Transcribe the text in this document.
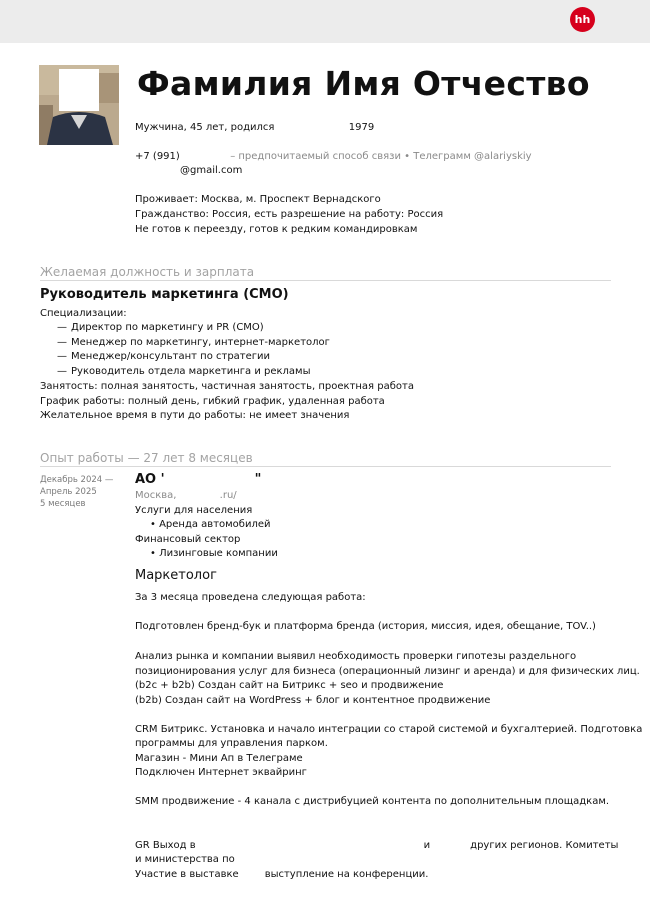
hh
Фамилия Имя Отчество
Мужчина, 45 лет, родился	1979
+7 (991)	– предпочитаемый способ связи • Телеграмм @alariyskiy
@gmail.com
Проживает: Москва, м. Проспект Вернадского
Гражданство: Россия, есть разрешение на работу: Россия
Не готов к переезду, готов к редким командировкам
Желаемая должность и зарплата
Руководитель маркетинга (CMO)
Специализации:
— Директор по маркетингу и PR (CMO)
— Менеджер по маркетингу, интернет-маркетолог
— Менеджер/консультант по стратегии
— Руководитель отдела маркетинга и рекламы
Занятость: полная занятость, частичная занятость, проектная работа
График работы: полный день, гибкий график, удаленная работа
Желательное время в пути до работы: не имеет значения
Опыт работы — 27 лет 8 месяцев
Декабрь 2024 —
Апрель 2025
5 месяцев
АО '	"
Москва,	.ru/
Услуги для населения
• Аренда автомобилей
Финансовый сектор
• Лизинговые компании
Маркетолог
За 3 месяца проведена следующая работа:
Подготовлен бренд-бук и платформа бренда (история, миссия, идея, обещание, TOV..)
Анализ рынка и компании выявил необходимость проверки гипотезы раздельного
позиционирования услуг для бизнеса (операционный лизинг и аренда) и для физических лиц.
(b2c + b2b) Создан сайт на Битрикс + seo и продвижение
(b2b) Создан сайт на WordPress + блог и контентное продвижение
CRM Битрикс. Установка и начало интеграции со старой системой и бухгалтерией. Подготовка
программы для управления парком.
Магазин - Мини Ап в Телеграме
Подключен Интернет эквайринг
SMM продвижение - 4 канала с дистрибуцией контента по дополнительным площадкам.
GR Выход в	и	других регионов. Комитеты
и министерства по
Участие в выставке	выступление на конференции.
